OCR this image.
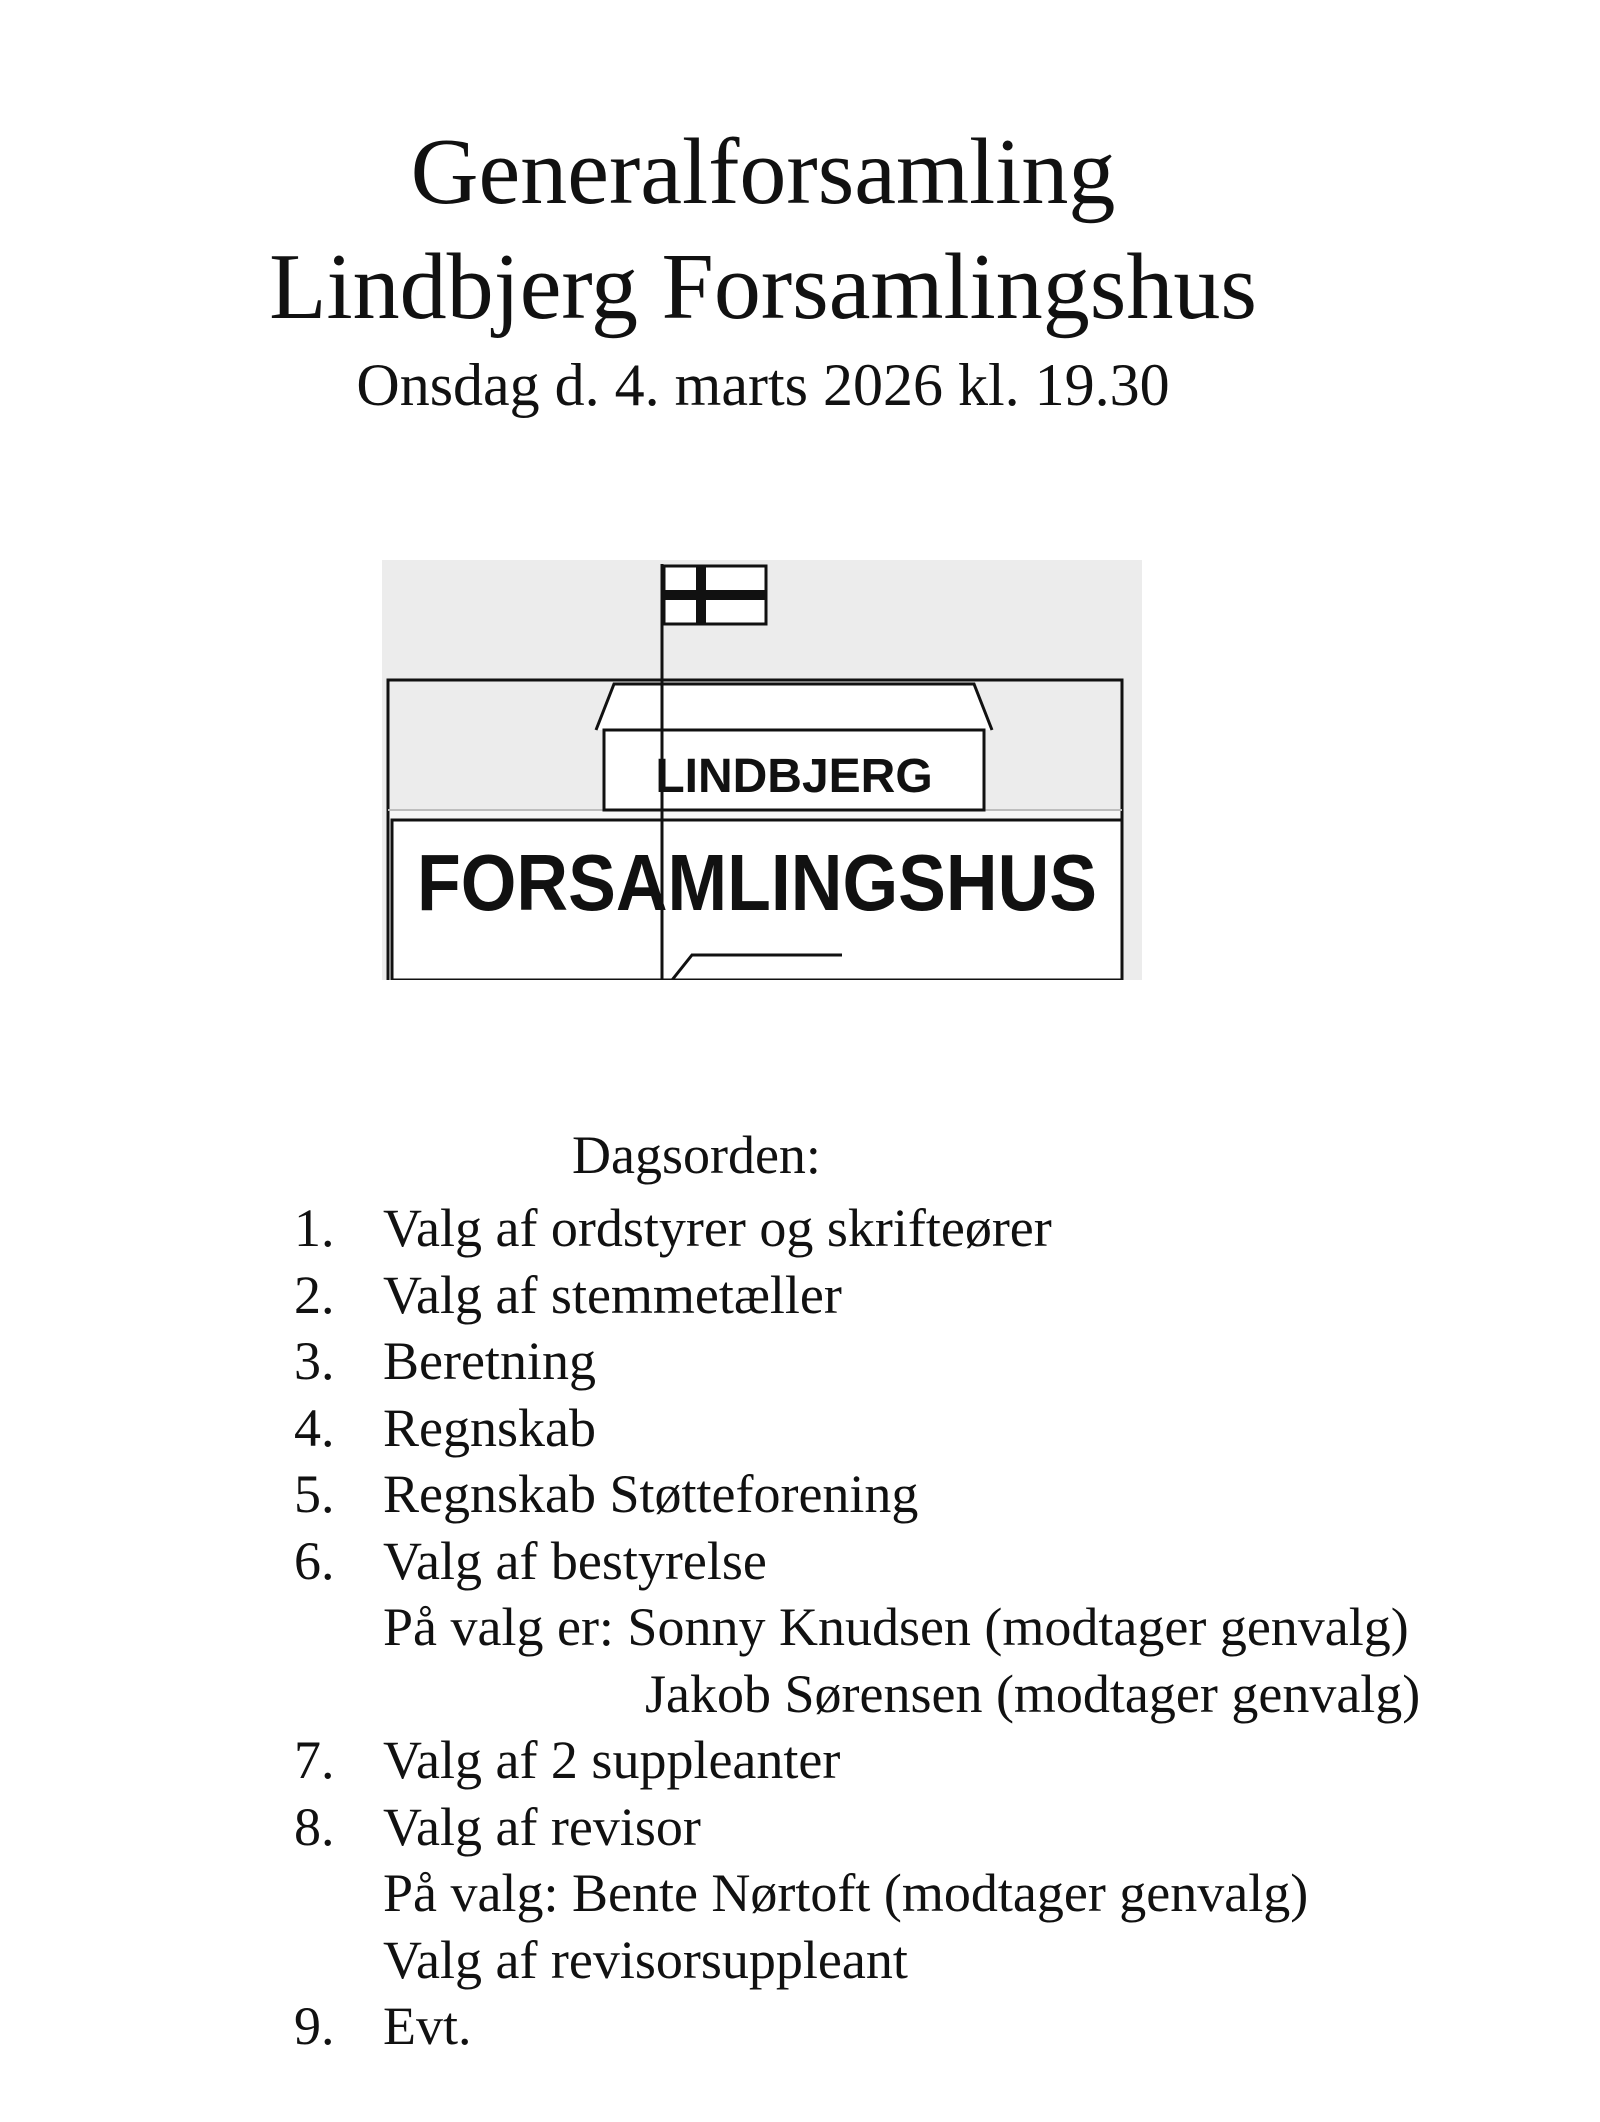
Generalforsamling
Lindbjerg Forsamlingshus
Onsdag d. 4. marts 2026 kl. 19.30
LINDBJERG
FORSAMLINGSHUS
Dagsorden:
1. Valg af ordstyrer og skrifteører
2. Valg af stemmetæller
3. Beretning
4. Regnskab
5. Regnskab Støtteforening
6. Valg af bestyrelse
På valg er: Sonny Knudsen (modtager genvalg)
Jakob Sørensen (modtager genvalg)
7. Valg af 2 suppleanter
8. Valg af revisor
På valg: Bente Nørtoft (modtager genvalg)
Valg af revisorsuppleant
9. Evt.
